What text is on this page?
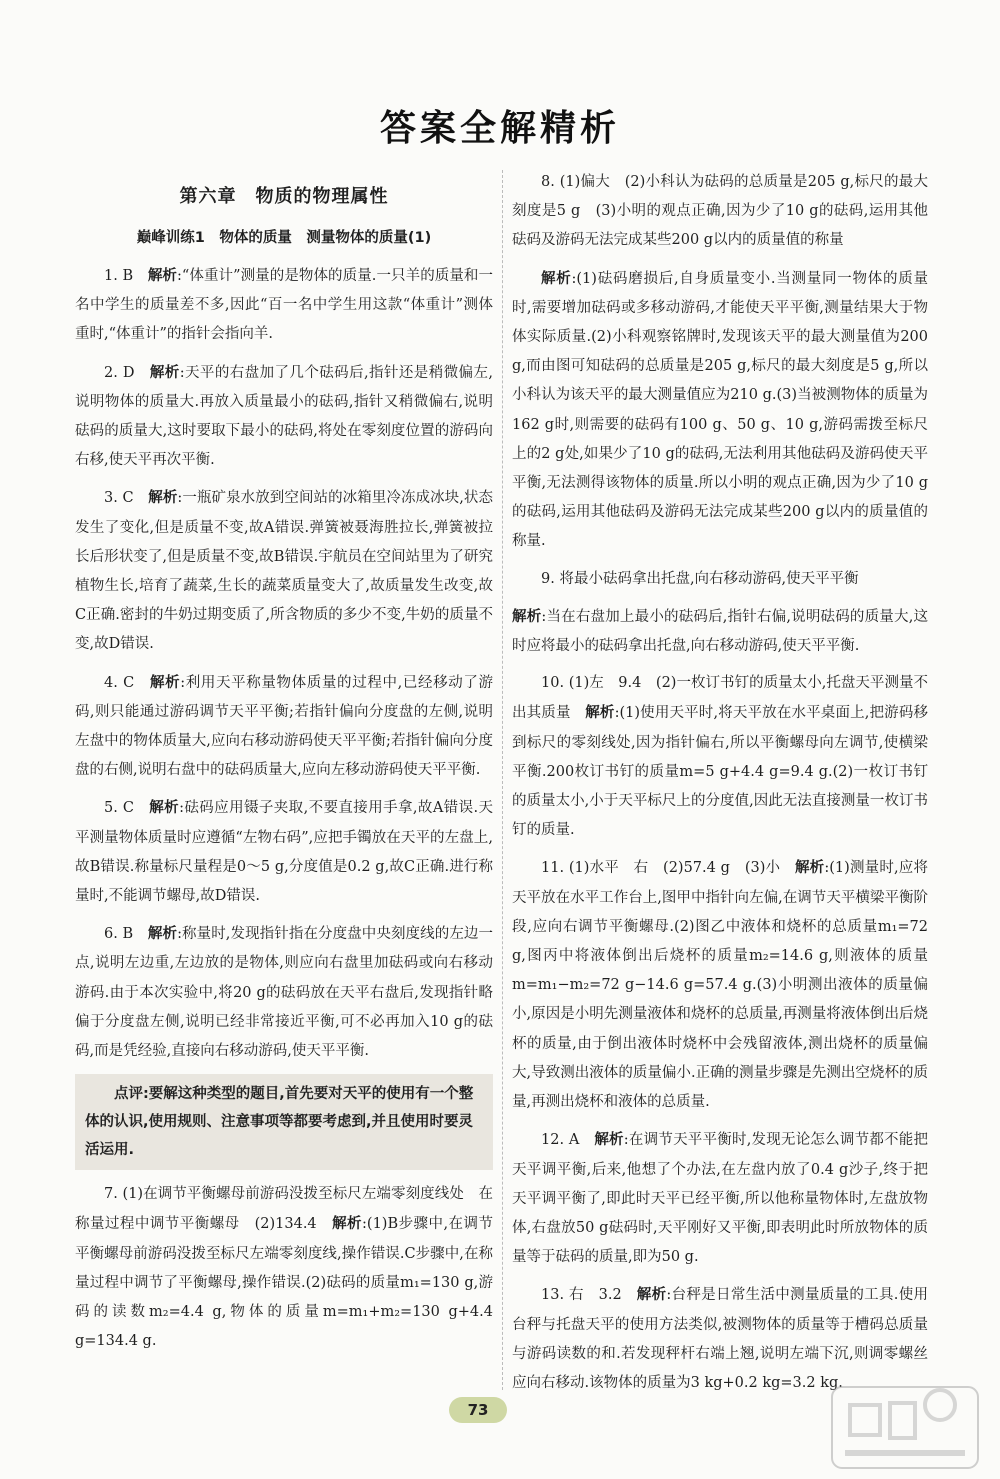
答案全解精析
第六章　物质的物理属性
巅峰训练1　物体的质量　测量物体的质量(1)

1. B　解析:“体重计”测量的是物体的质量.一只羊的质量和一名中学生的质量差不多,因此“百一名中学生用这款“体重计”测体重时,“体重计”的指针会指向羊.

2. D　解析:天平的右盘加了几个砝码后,指针还是稍微偏左,说明物体的质量大.再放入质量最小的砝码,指针又稍微偏右,说明砝码的质量大,这时要取下最小的砝码,将处在零刻度位置的游码向右移,使天平再次平衡.

3. C　解析:一瓶矿泉水放到空间站的冰箱里冷冻成冰块,状态发生了变化,但是质量不变,故A错误.弹簧被聂海胜拉长,弹簧被拉长后形状变了,但是质量不变,故B错误.宇航员在空间站里为了研究植物生长,培育了蔬菜,生长的蔬菜质量变大了,故质量发生改变,故C正确.密封的牛奶过期变质了,所含物质的多少不变,牛奶的质量不变,故D错误.

4. C　解析:利用天平称量物体质量的过程中,已经移动了游码,则只能通过游码调节天平平衡;若指针偏向分度盘的左侧,说明左盘中的物体质量大,应向右移动游码使天平平衡;若指针偏向分度盘的右侧,说明右盘中的砝码质量大,应向左移动游码使天平平衡.

5. C　解析:砝码应用镊子夹取,不要直接用手拿,故A错误.天平测量物体质量时应遵循“左物右码”,应把手镯放在天平的左盘上,故B错误.称量标尺量程是0～5 g,分度值是0.2 g,故C正确.进行称量时,不能调节螺母,故D错误.

6. B　解析:称量时,发现指针指在分度盘中央刻度线的左边一点,说明左边重,左边放的是物体,则应向右盘里加砝码或向右移动游码.由于本次实验中,将20 g的砝码放在天平右盘后,发现指针略偏于分度盘左侧,说明已经非常接近平衡,可不必再加入10 g的砝码,而是凭经验,直接向右移动游码,使天平平衡.

点评:要解这种类型的题目,首先要对天平的使用有一个整体的认识,使用规则、注意事项等都要考虑到,并且使用时要灵活运用.

7. (1)在调节平衡螺母前游码没拨至标尺左端零刻度线处　在称量过程中调节平衡螺母　(2)134.4　解析:(1)B步骤中,在调节平衡螺母前游码没拨至标尺左端零刻度线,操作错误.C步骤中,在称量过程中调节了平衡螺母,操作错误.(2)砝码的质量m₁=130 g,游码的读数m₂=4.4 g,物体的质量m=m₁+m₂=130 g+4.4 g=134.4 g.

8. (1)偏大　(2)小科认为砝码的总质量是205 g,标尺的最大刻度是5 g　(3)小明的观点正确,因为少了10 g的砝码,运用其他砝码及游码无法完成某些200 g以内的质量值的称量

解析:(1)砝码磨损后,自身质量变小.当测量同一物体的质量时,需要增加砝码或多移动游码,才能使天平平衡,测量结果大于物体实际质量.(2)小科观察铭牌时,发现该天平的最大测量值为200 g,而由图可知砝码的总质量是205 g,标尺的最大刻度是5 g,所以小科认为该天平的最大测量值应为210 g.(3)当被测物体的质量为162 g时,则需要的砝码有100 g、50 g、10 g,游码需拨至标尺上的2 g处,如果少了10 g的砝码,无法利用其他砝码及游码使天平平衡,无法测得该物体的质量.所以小明的观点正确,因为少了10 g的砝码,运用其他砝码及游码无法完成某些200 g以内的质量值的称量.

9. 将最小砝码拿出托盘,向右移动游码,使天平平衡

解析:当在右盘加上最小的砝码后,指针右偏,说明砝码的质量大,这时应将最小的砝码拿出托盘,向右移动游码,使天平平衡.

10. (1)左　9.4　(2)一枚订书钉的质量太小,托盘天平测量不出其质量　解析:(1)使用天平时,将天平放在水平桌面上,把游码移到标尺的零刻线处,因为指针偏右,所以平衡螺母向左调节,使横梁平衡.200枚订书钉的质量m=5 g+4.4 g=9.4 g.(2)一枚订书钉的质量太小,小于天平标尺上的分度值,因此无法直接测量一枚订书钉的质量.

11. (1)水平　右　(2)57.4 g　(3)小　解析:(1)测量时,应将天平放在水平工作台上,图甲中指针向左偏,在调节天平横梁平衡阶段,应向右调节平衡螺母.(2)图乙中液体和烧杯的总质量m₁=72 g,图丙中将液体倒出后烧杯的质量m₂=14.6 g,则液体的质量m=m₁−m₂=72 g−14.6 g=57.4 g.(3)小明测出液体的质量偏小,原因是小明先测量液体和烧杯的总质量,再测量将液体倒出后烧杯的质量,由于倒出液体时烧杯中会残留液体,测出烧杯的质量偏大,导致测出液体的质量偏小.正确的测量步骤是先测出空烧杯的质量,再测出烧杯和液体的总质量.

12. A　解析:在调节天平平衡时,发现无论怎么调节都不能把天平调平衡,后来,他想了个办法,在左盘内放了0.4 g沙子,终于把天平调平衡了,即此时天平已经平衡,所以他称量物体时,左盘放物体,右盘放50 g砝码时,天平刚好又平衡,即表明此时所放物体的质量等于砝码的质量,即为50 g.

13. 右　3.2　解析:台秤是日常生活中测量质量的工具.使用台秤与托盘天平的使用方法类似,被测物体的质量等于槽码总质量与游码读数的和.若发现秤杆右端上翘,说明左端下沉,则调零螺丝应向右移动.该物体的质量为3 kg+0.2 kg=3.2 kg.

73
